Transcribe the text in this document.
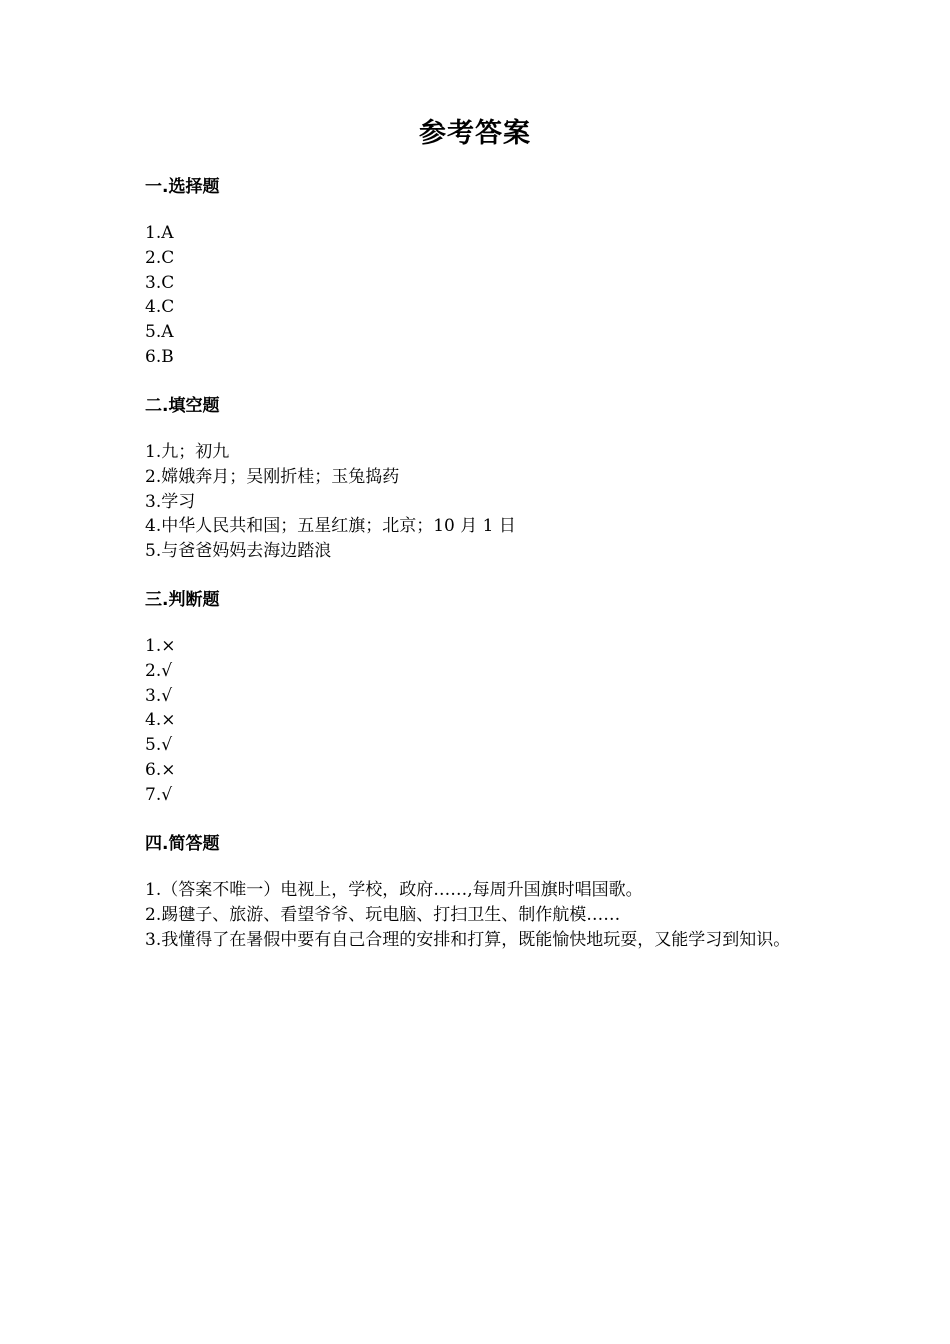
参考答案
一.选择题
1.A
2.C
3.C
4.C
5.A
6.B
二.填空题
1.九；初九
2.嫦娥奔月；吴刚折桂；玉兔捣药
3.学习
4.中华人民共和国；五星红旗；北京；10 月 1 日
5.与爸爸妈妈去海边踏浪
三.判断题
1.×
2.√
3.√
4.×
5.√
6.×
7.√
四.简答题
1.（答案不唯一）电视上，学校，政府……,每周升国旗时唱国歌。
2.踢毽子、旅游、看望爷爷、玩电脑、打扫卫生、制作航模……
3.我懂得了在暑假中要有自己合理的安排和打算，既能愉快地玩耍，又能学习到知识。
